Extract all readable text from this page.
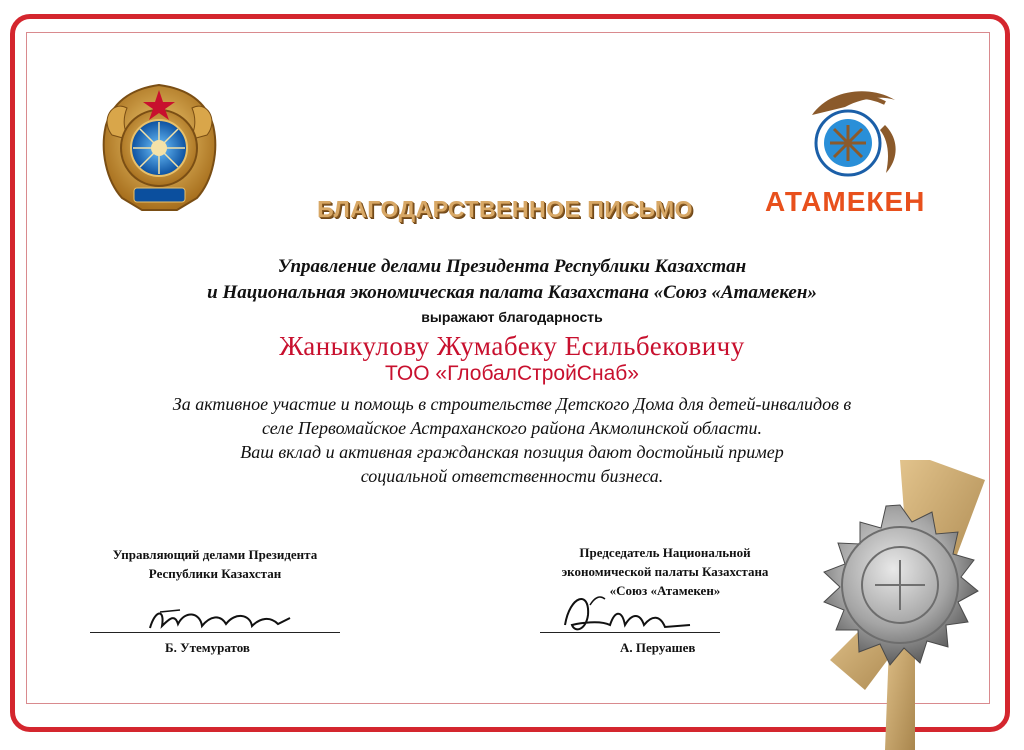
АТАМЕКЕН
БЛАГОДАРСТВЕННОЕ ПИСЬМО
Управление делами Президента Республики Казахстан
и Национальная экономическая палата Казахстана «Союз «Атамекен»
выражают благодарность
Жаныкулову Жумабеку Есильбековичу
ТОО «ГлобалСтройСнаб»
За активное участие и помощь в строительстве Детского Дома для детей-инвалидов в
селе Первомайское Астраханского района Акмолинской области.
Ваш вклад и активная гражданская позиция дают достойный пример
социальной ответственности бизнеса.
Управляющий делами Президента
Республики Казахстан
Б. Утемуратов
Председатель Национальной
экономической палаты Казахстана
«Союз «Атамекен»
А. Перуашев
